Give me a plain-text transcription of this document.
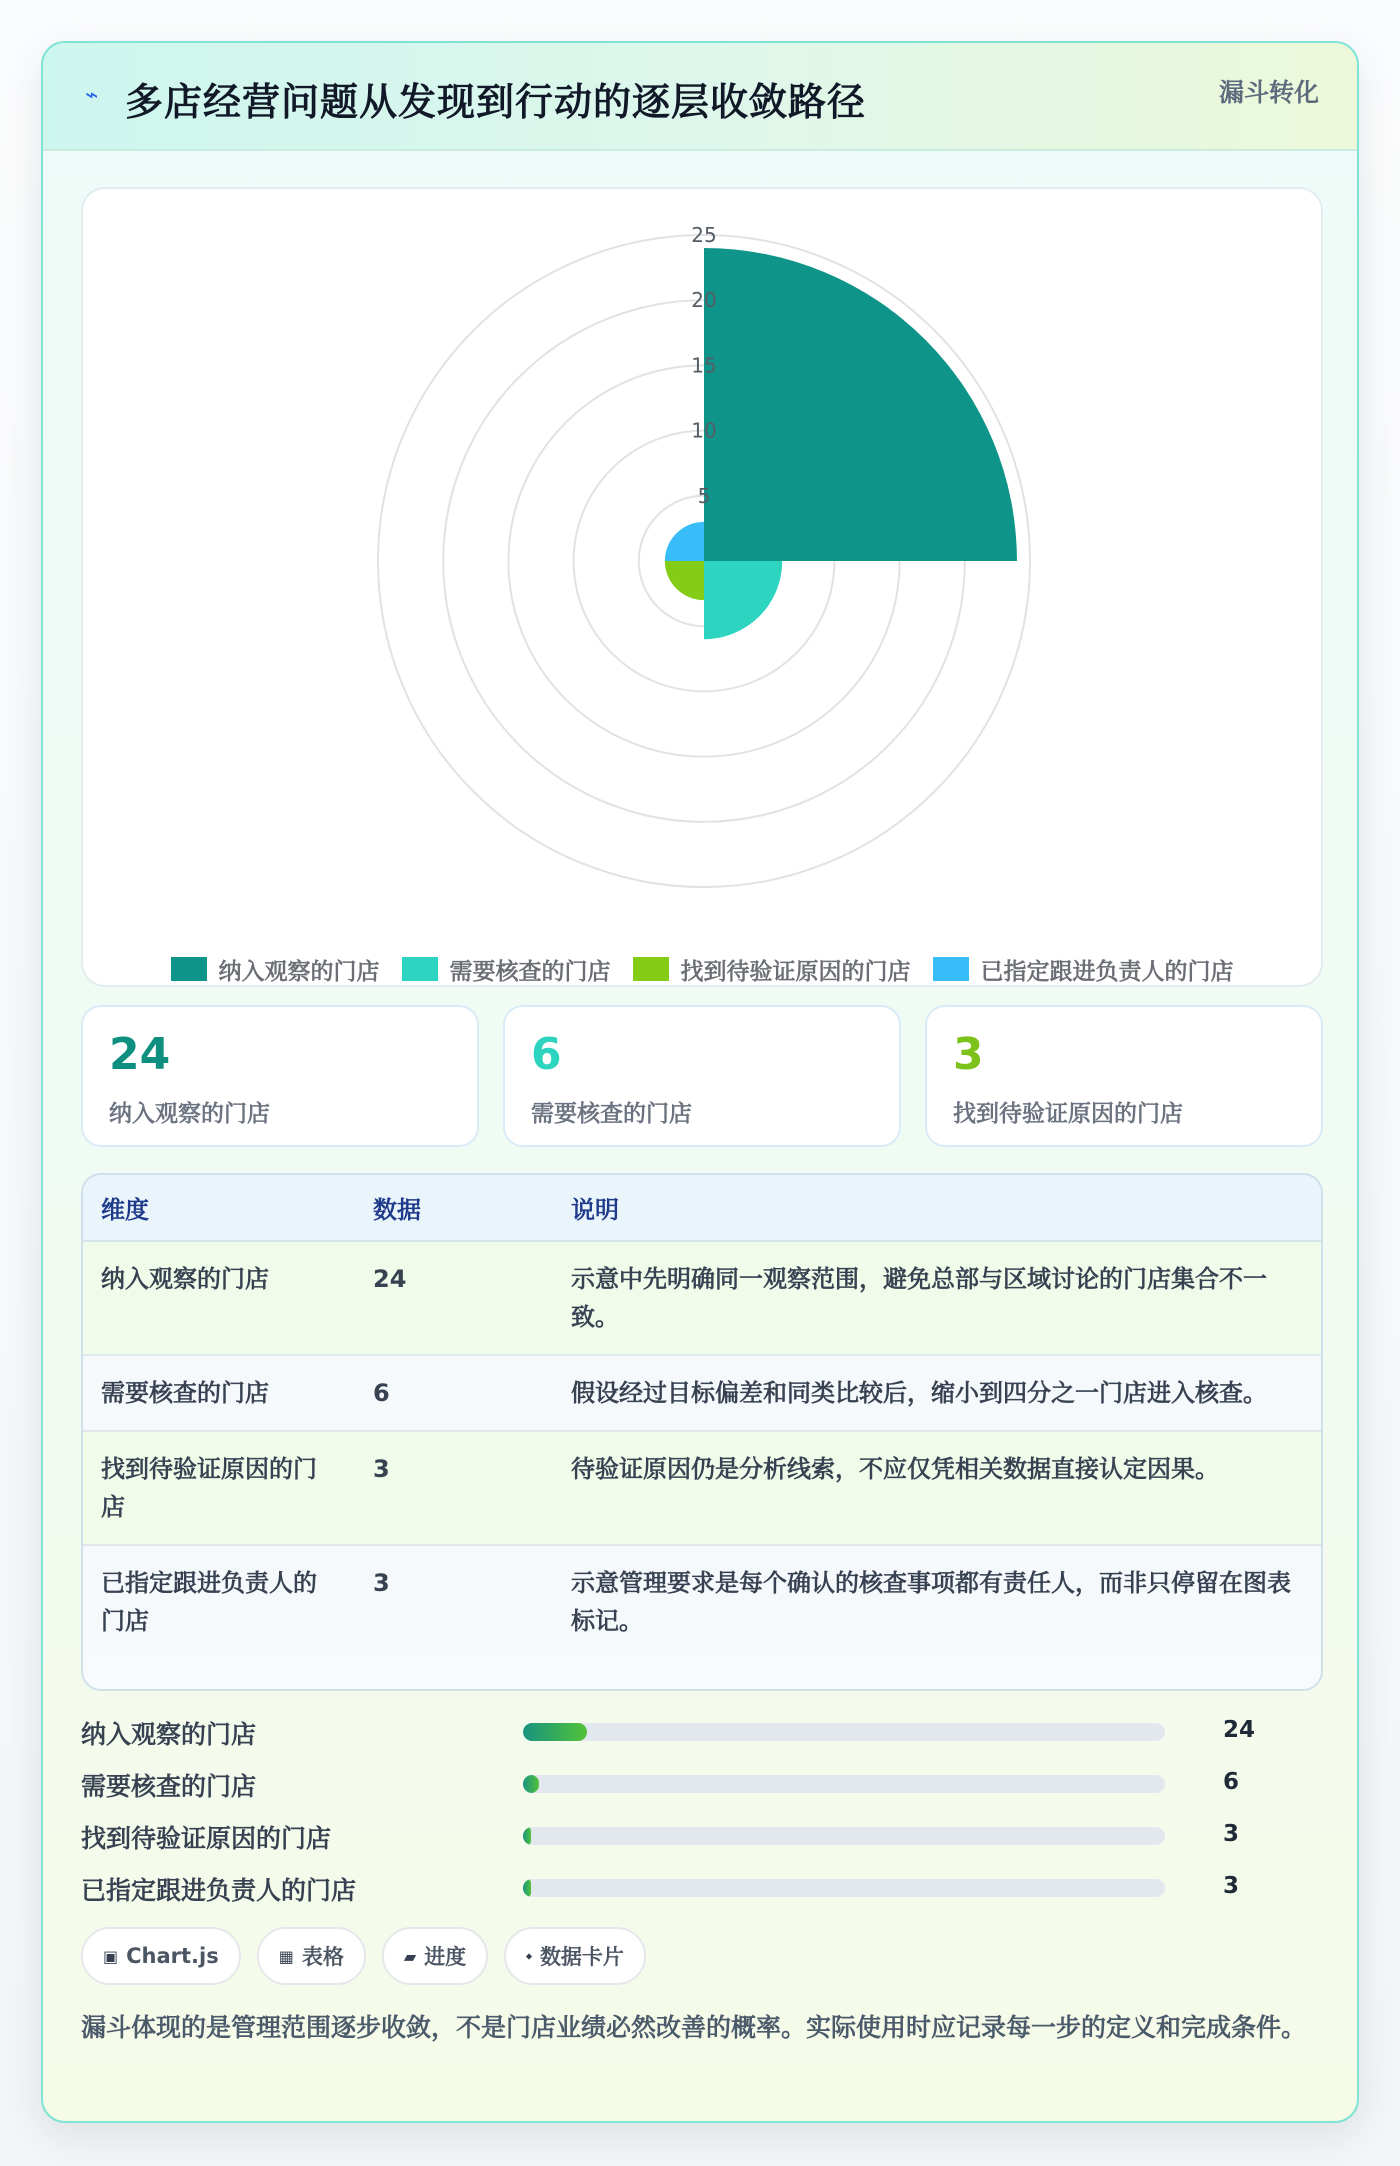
⌁ 多店经营问题从发现到行动的逐层收敛路径	漏斗转化
5
10
15
20
25
纳入观察的门店	需要核查的门店	找到待验证原因的门店	已指定跟进负责人的门店
24
纳入观察的门店
6
需要核查的门店
3
找到待验证原因的门店
维度	数据	说明
纳入观察的门店	24	示意中先明确同一观察范围，避免总部与区域讨论的门店集合不一致。
需要核查的门店	6	假设经过目标偏差和同类比较后，缩小到四分之一门店进入核查。
找到待验证原因的门店	3	待验证原因仍是分析线索，不应仅凭相关数据直接认定因果。
已指定跟进负责人的门店	3	示意管理要求是每个确认的核查事项都有责任人，而非只停留在图表标记。
纳入观察的门店	24
需要核查的门店	6
找到待验证原因的门店	3
已指定跟进负责人的门店	3
▣ Chart.js	▦ 表格	▰ 进度	⬩ 数据卡片
漏斗体现的是管理范围逐步收敛，不是门店业绩必然改善的概率。实际使用时应记录每一步的定义和完成条件。
